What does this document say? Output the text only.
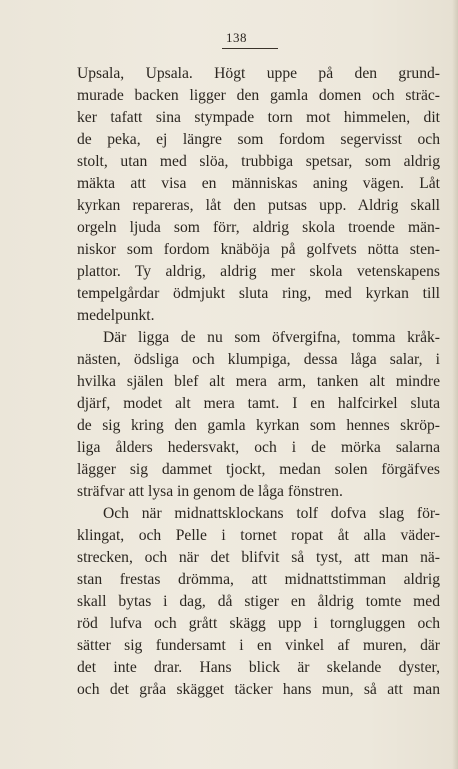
138
Upsala, Upsala. Högt uppe på den grund-
murade backen ligger den gamla domen och sträc-
ker tafatt sina stympade torn mot himmelen, dit
de peka, ej längre som fordom segervisst och
stolt, utan med slöa, trubbiga spetsar, som aldrig
mäkta att visa en människas aning vägen. Låt
kyrkan repareras, låt den putsas upp. Aldrig skall
orgeln ljuda som förr, aldrig skola troende män-
niskor som fordom knäböja på golfvets nötta sten-
plattor. Ty aldrig, aldrig mer skola vetenskapens
tempelgårdar ödmjukt sluta ring, med kyrkan till
medelpunkt.
Där ligga de nu som öfvergifna, tomma kråk-
nästen, ödsliga och klumpiga, dessa låga salar, i
hvilka själen blef alt mera arm, tanken alt mindre
djärf, modet alt mera tamt. I en halfcirkel sluta
de sig kring den gamla kyrkan som hennes skröp-
liga ålders hedersvakt, och i de mörka salarna
lägger sig dammet tjockt, medan solen förgäfves
sträfvar att lysa in genom de låga fönstren.
Och när midnattsklockans tolf dofva slag för-
klingat, och Pelle i tornet ropat åt alla väder-
strecken, och när det blifvit så tyst, att man nä-
stan frestas drömma, att midnattstimman aldrig
skall bytas i dag, då stiger en åldrig tomte med
röd lufva och grått skägg upp i torngluggen och
sätter sig fundersamt i en vinkel af muren, där
det inte drar. Hans blick är skelande dyster,
och det gråa skägget täcker hans mun, så att man
